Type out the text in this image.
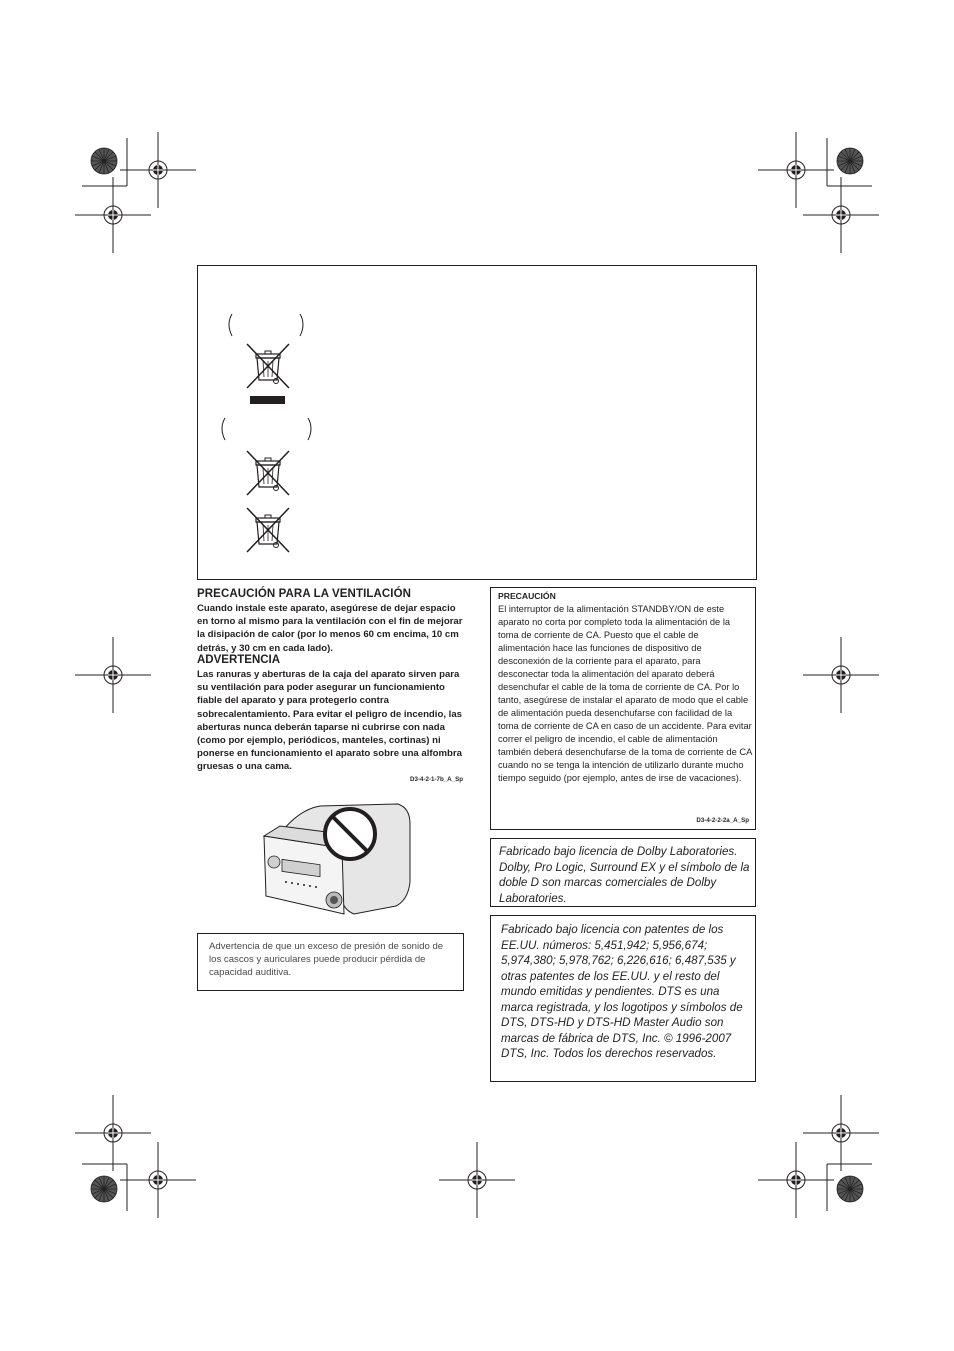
PRECAUCIÓN PARA LA VENTILACIÓN
Cuando instale este aparato, asegúrese de dejar espacio en torno al mismo para la ventilación con el fin de mejorar la disipación de calor (por lo menos 60 cm encima, 10 cm detrás, y 30 cm en cada lado).
ADVERTENCIA
Las ranuras y aberturas de la caja del aparato sirven para su ventilación para poder asegurar un funcionamiento fiable del aparato y para protegerlo contra sobrecalentamiento. Para evitar el peligro de incendio, las aberturas nunca deberán taparse ni cubrirse con nada (como por ejemplo, periódicos, manteles, cortinas) ni ponerse en funcionamiento el aparato sobre una alfombra gruesas o una cama.
D3-4-2-1-7b_A_Sp
Advertencia de que un exceso de presión de sonido de los cascos y auriculares puede producir pérdida de capacidad auditiva.
PRECAUCIÓN
El interruptor de la alimentación STANDBY/ON de este aparato no corta por completo toda la alimentación de la toma de corriente de CA. Puesto que el cable de alimentación hace las funciones de dispositivo de desconexión de la corriente para el aparato, para desconectar toda la alimentación del aparato deberá desenchufar el cable de la toma de corriente de CA. Por lo tanto, asegúrese de instalar el aparato de modo que el cable de alimentación pueda desenchufarse con facilidad de la toma de corriente de CA en caso de un accidente. Para evitar correr el peligro de incendio, el cable de alimentación también deberá desenchufarse de la toma de corriente de CA cuando no se tenga la intención de utilizarlo durante mucho tiempo seguido (por ejemplo, antes de irse de vacaciones).
D3-4-2-2-2a_A_Sp
Fabricado bajo licencia de Dolby Laboratories. Dolby, Pro Logic, Surround EX y el símbolo de la doble D son marcas comerciales de Dolby Laboratories.
Fabricado bajo licencia con patentes de los EE.UU. números: 5,451,942; 5,956,674; 5,974,380; 5,978,762; 6,226,616; 6,487,535 y otras patentes de los EE.UU. y el resto del mundo emitidas y pendientes. DTS es una marca registrada, y los logotipos y símbolos de DTS, DTS-HD y DTS-HD Master Audio son marcas de fábrica de DTS, Inc. © 1996-2007 DTS, Inc. Todos los derechos reservados.
